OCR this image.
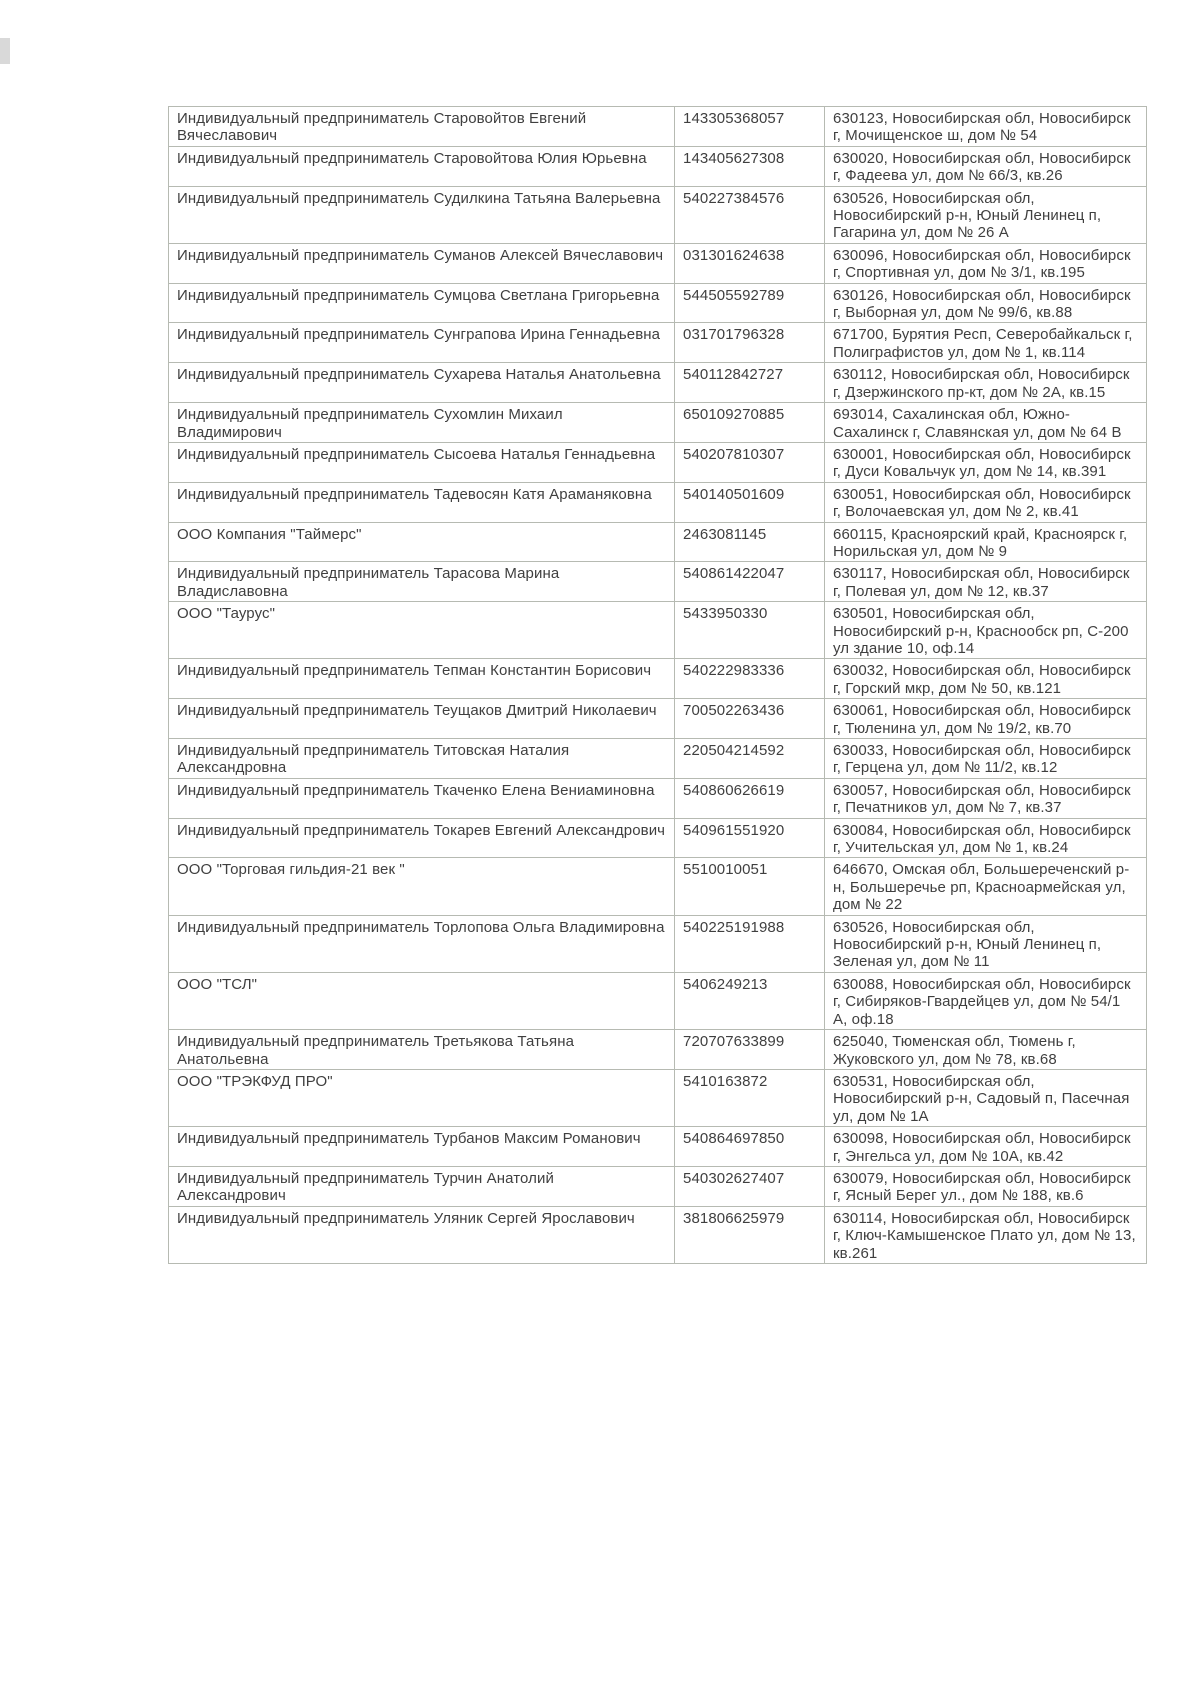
Индивидуальный предприниматель Старовойтов Евгений Вячеславович	143305368057	630123, Новосибирская обл, Новосибирск г, Мочищенское ш, дом № 54
Индивидуальный предприниматель Старовойтова Юлия Юрьевна	143405627308	630020, Новосибирская обл, Новосибирск г, Фадеева ул, дом № 66/3, кв.26
Индивидуальный предприниматель Судилкина Татьяна Валерьевна	540227384576	630526, Новосибирская обл, Новосибирский р-н, Юный Ленинец п, Гагарина ул, дом № 26 А
Индивидуальный предприниматель Суманов Алексей Вячеславович	031301624638	630096, Новосибирская обл, Новосибирск г, Спортивная ул, дом № 3/1, кв.195
Индивидуальный предприниматель Сумцова Светлана Григорьевна	544505592789	630126, Новосибирская обл, Новосибирск г, Выборная ул, дом № 99/6, кв.88
Индивидуальный предприниматель Сунграпова Ирина Геннадьевна	031701796328	671700, Бурятия Респ, Северобайкальск г, Полиграфистов ул, дом № 1, кв.114
Индивидуальный предприниматель Сухарева Наталья Анатольевна	540112842727	630112, Новосибирская обл, Новосибирск г, Дзержинского пр-кт, дом № 2А, кв.15
Индивидуальный предприниматель Сухомлин Михаил Владимирович	650109270885	693014, Сахалинская обл, Южно-Сахалинск г, Славянская ул, дом № 64 В
Индивидуальный предприниматель Сысоева Наталья Геннадьевна	540207810307	630001, Новосибирская обл, Новосибирск г, Дуси Ковальчук ул, дом № 14, кв.391
Индивидуальный предприниматель Тадевосян Катя Араманяковна	540140501609	630051, Новосибирская обл, Новосибирск г, Волочаевская ул, дом № 2, кв.41
ООО Компания "Таймерс"	2463081145	660115, Красноярский край, Красноярск г, Норильская ул, дом № 9
Индивидуальный предприниматель Тарасова Марина Владиславовна	540861422047	630117, Новосибирская обл, Новосибирск г, Полевая ул, дом № 12, кв.37
ООО "Таурус"	5433950330	630501, Новосибирская обл, Новосибирский р-н, Краснообск рп, С-200 ул здание 10, оф.14
Индивидуальный предприниматель Тепман Константин Борисович	540222983336	630032, Новосибирская обл, Новосибирск г, Горский мкр, дом № 50, кв.121
Индивидуальный предприниматель Теущаков Дмитрий Николаевич	700502263436	630061, Новосибирская обл, Новосибирск г, Тюленина ул, дом № 19/2, кв.70
Индивидуальный предприниматель Титовская Наталия Александровна	220504214592	630033, Новосибирская обл, Новосибирск г, Герцена ул, дом № 11/2, кв.12
Индивидуальный предприниматель Ткаченко Елена Вениаминовна	540860626619	630057, Новосибирская обл, Новосибирск г, Печатников ул, дом № 7, кв.37
Индивидуальный предприниматель Токарев Евгений Александрович	540961551920	630084, Новосибирская обл, Новосибирск г, Учительская ул, дом № 1, кв.24
ООО "Торговая гильдия-21 век "	5510010051	646670, Омская обл, Большереченский р-н, Большеречье рп, Красноармейская ул, дом № 22
Индивидуальный предприниматель Торлопова Ольга Владимировна	540225191988	630526, Новосибирская обл, Новосибирский р-н, Юный Ленинец п, Зеленая ул, дом № 11
ООО "ТСЛ"	5406249213	630088, Новосибирская обл, Новосибирск г, Сибиряков-Гвардейцев ул, дом № 54/1 А, оф.18
Индивидуальный предприниматель Третьякова Татьяна Анатольевна	720707633899	625040, Тюменская обл, Тюмень г, Жуковского ул, дом № 78, кв.68
ООО "ТРЭКФУД ПРО"	5410163872	630531, Новосибирская обл, Новосибирский р-н, Садовый п, Пасечная ул, дом № 1А
Индивидуальный предприниматель Турбанов Максим Романович	540864697850	630098, Новосибирская обл, Новосибирск г, Энгельса ул, дом № 10А, кв.42
Индивидуальный предприниматель Турчин Анатолий Александрович	540302627407	630079, Новосибирская обл, Новосибирск г, Ясный Берег ул., дом № 188, кв.6
Индивидуальный предприниматель Уляник Сергей Ярославович	381806625979	630114, Новосибирская обл, Новосибирск г, Ключ-Камышенское Плато ул, дом № 13, кв.261
